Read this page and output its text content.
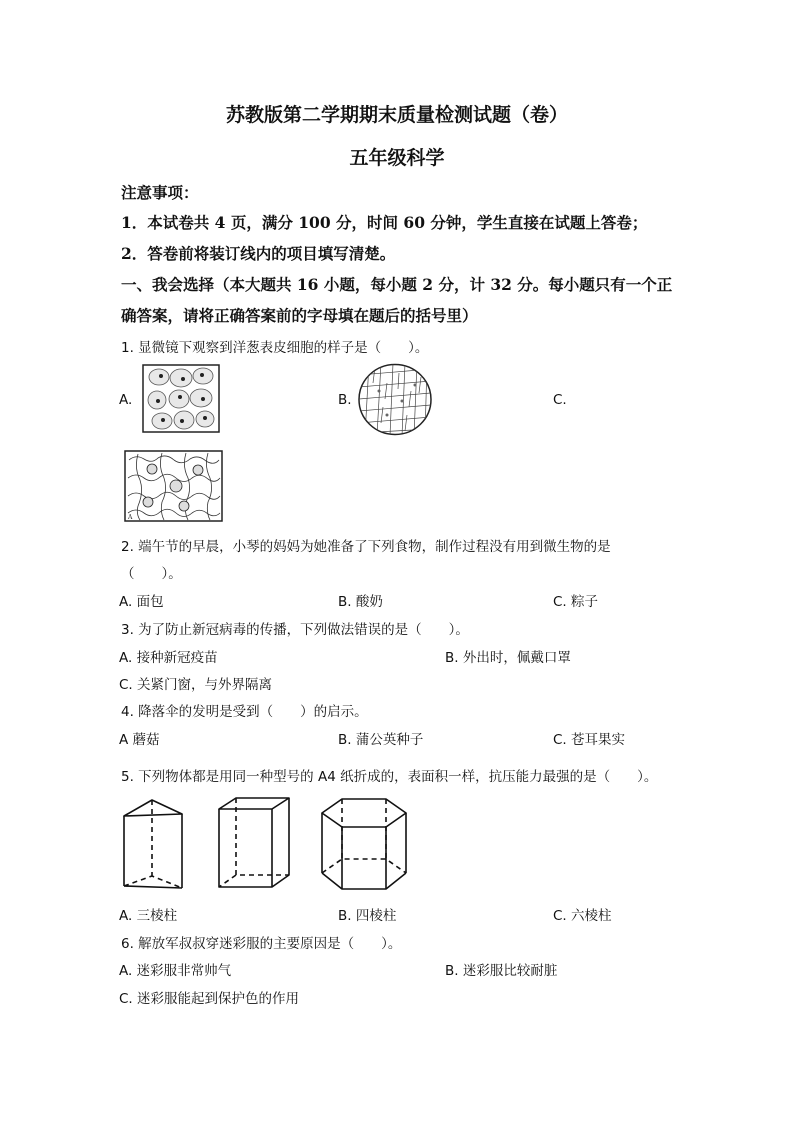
苏教版第二学期期末质量检测试题（卷）
五年级科学
注意事项：
1．本试卷共 4 页，满分 100 分，时间 60 分钟，学生直接在试题上答卷；
2．答卷前将装订线内的项目填写清楚。
一、我会选择（本大题共 16 小题，每小题 2 分，计 32 分。每小题只有一个正
确答案，请将正确答案前的字母填在题后的括号里）
1. 显微镜下观察到洋葱表皮细胞的样子是（　　）。
A.	B.	C.
A
2. 端午节的早晨，小琴的妈妈为她准备了下列食物，制作过程没有用到微生物的是
（　　）。
A. 面包	B. 酸奶	C. 粽子
3. 为了防止新冠病毒的传播，下列做法错误的是（　　）。
A. 接种新冠疫苗	B. 外出时，佩戴口罩
C. 关紧门窗，与外界隔离
4. 降落伞的发明是受到（　　）的启示。
A 蘑菇	B. 蒲公英种子	C. 苍耳果实
5. 下列物体都是用同一种型号的 A4 纸折成的，表面积一样，抗压能力最强的是（　　）。
A. 三棱柱	B. 四棱柱	C. 六棱柱
6. 解放军叔叔穿迷彩服的主要原因是（　　）。
A. 迷彩服非常帅气	B. 迷彩服比较耐脏
C. 迷彩服能起到保护色的作用
